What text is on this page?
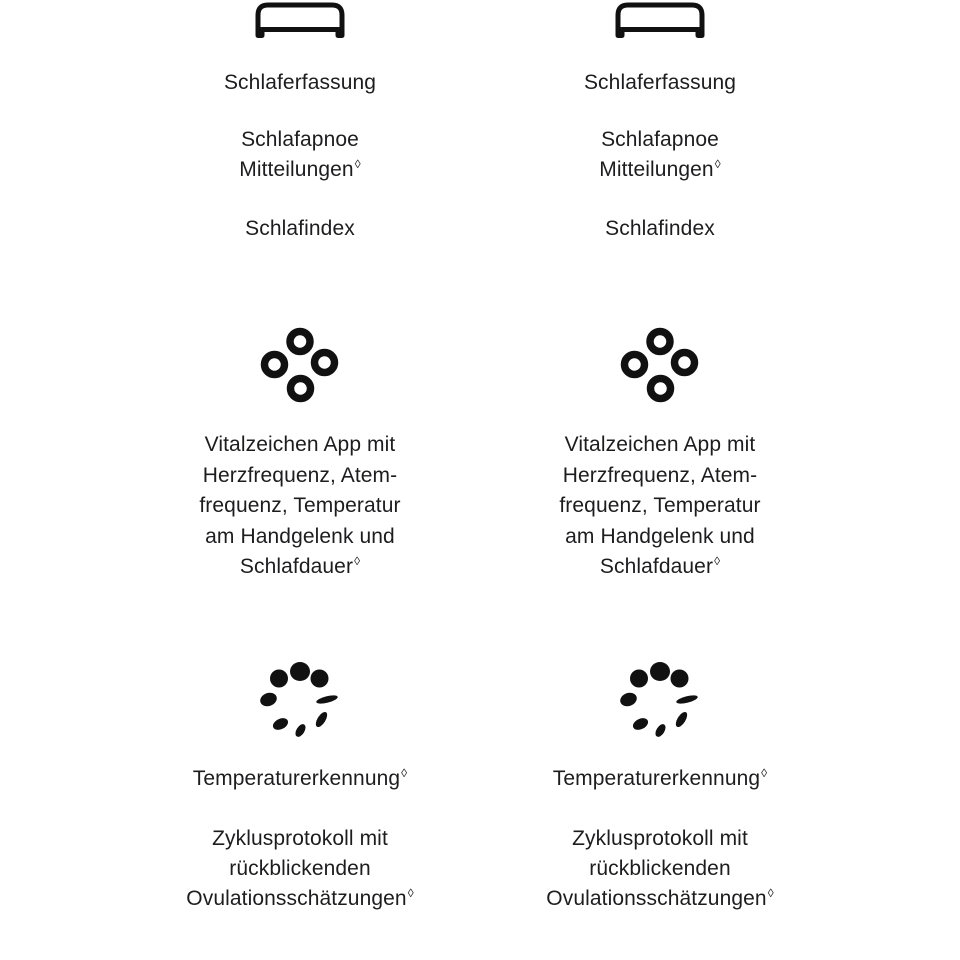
Schlaferfassung
Schlafapnoe
Mitteilungen◊
Schlafindex
Vitalzeichen App mit
Herzfrequenz, Atem-
frequenz, Temperatur
am Handgelenk und
Schlafdauer◊
Temperaturerkennung◊
Zyklusprotokoll mit
rückblickenden
Ovulationsschätzungen◊
Schlaferfassung
Schlafapnoe
Mitteilungen◊
Schlafindex
Vitalzeichen App mit
Herzfrequenz, Atem-
frequenz, Temperatur
am Handgelenk und
Schlafdauer◊
Temperaturerkennung◊
Zyklusprotokoll mit
rückblickenden
Ovulationsschätzungen◊
